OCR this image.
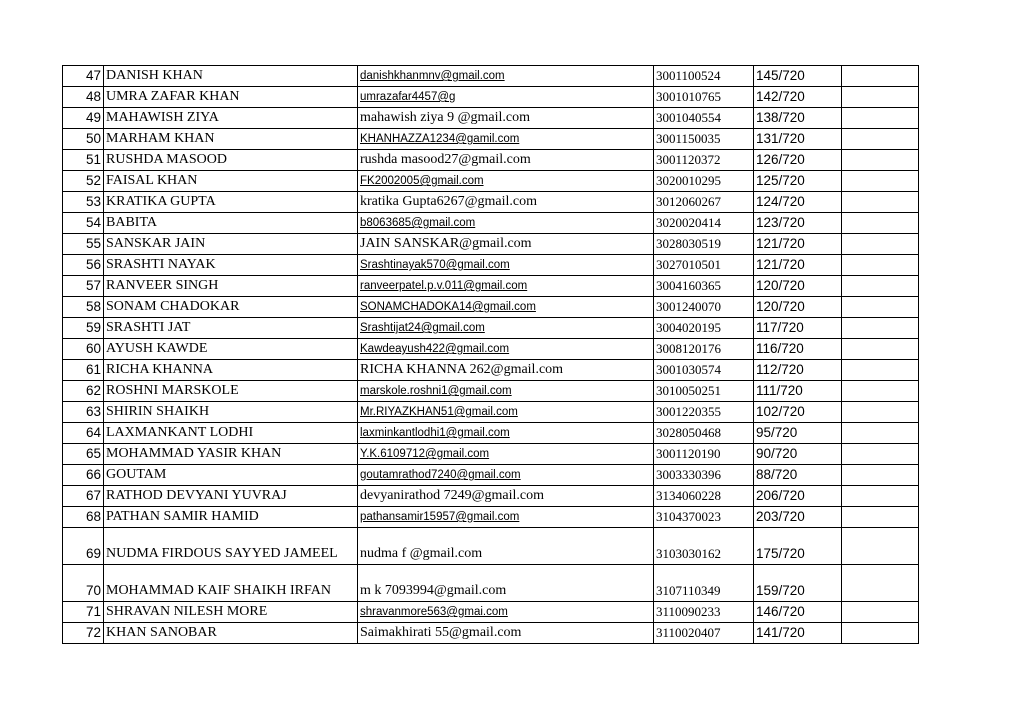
47	DANISH KHAN	danishkhanmnv@gmail.com	3001100524	145/720	
48	UMRA ZAFAR KHAN	umrazafar4457@g	3001010765	142/720	
49	MAHAWISH ZIYA	mahawish ziya 9 @gmail.com	3001040554	138/720	
50	MARHAM KHAN	KHANHAZZA1234@gamil.com	3001150035	131/720	
51	RUSHDA MASOOD	rushda masood27@gmail.com	3001120372	126/720	
52	FAISAL KHAN	FK2002005@gmail.com	3020010295	125/720	
53	KRATIKA GUPTA	kratika Gupta6267@gmail.com	3012060267	124/720	
54	BABITA	b8063685@gmail.com	3020020414	123/720	
55	SANSKAR JAIN	JAIN SANSKAR@gmail.com	3028030519	121/720	
56	SRASHTI NAYAK	Srashtinayak570@gmail.com	3027010501	121/720	
57	RANVEER SINGH	ranveerpatel.p.v.011@gmail.com	3004160365	120/720	
58	SONAM CHADOKAR	SONAMCHADOKA14@gmail.com	3001240070	120/720	
59	SRASHTI JAT	Srashtijat24@gmail.com	3004020195	117/720	
60	AYUSH KAWDE	Kawdeayush422@gmail.com	3008120176	116/720	
61	RICHA KHANNA	RICHA KHANNA 262@gmail.com	3001030574	112/720	
62	ROSHNI MARSKOLE	marskole.roshni1@gmail.com	3010050251	111/720	
63	SHIRIN SHAIKH	Mr.RIYAZKHAN51@gmail.com	3001220355	102/720	
64	LAXMANKANT LODHI	laxminkantlodhi1@gmail.com	3028050468	95/720	
65	MOHAMMAD YASIR KHAN	Y.K.6109712@gmail.com	3001120190	90/720	
66	GOUTAM	goutamrathod7240@gmail.com	3003330396	88/720	
67	RATHOD DEVYANI YUVRAJ	devyanirathod 7249@gmail.com	3134060228	206/720	
68	PATHAN SAMIR HAMID	pathansamir15957@gmail.com	3104370023	203/720	
69	NUDMA FIRDOUS SAYYED JAMEEL	nudma f @gmail.com	3103030162	175/720	
70	MOHAMMAD KAIF SHAIKH IRFAN	m k 7093994@gmail.com	3107110349	159/720	
71	SHRAVAN NILESH MORE	shravanmore563@gmai.com	3110090233	146/720	
72	KHAN SANOBAR	Saimakhirati 55@gmail.com	3110020407	141/720	
